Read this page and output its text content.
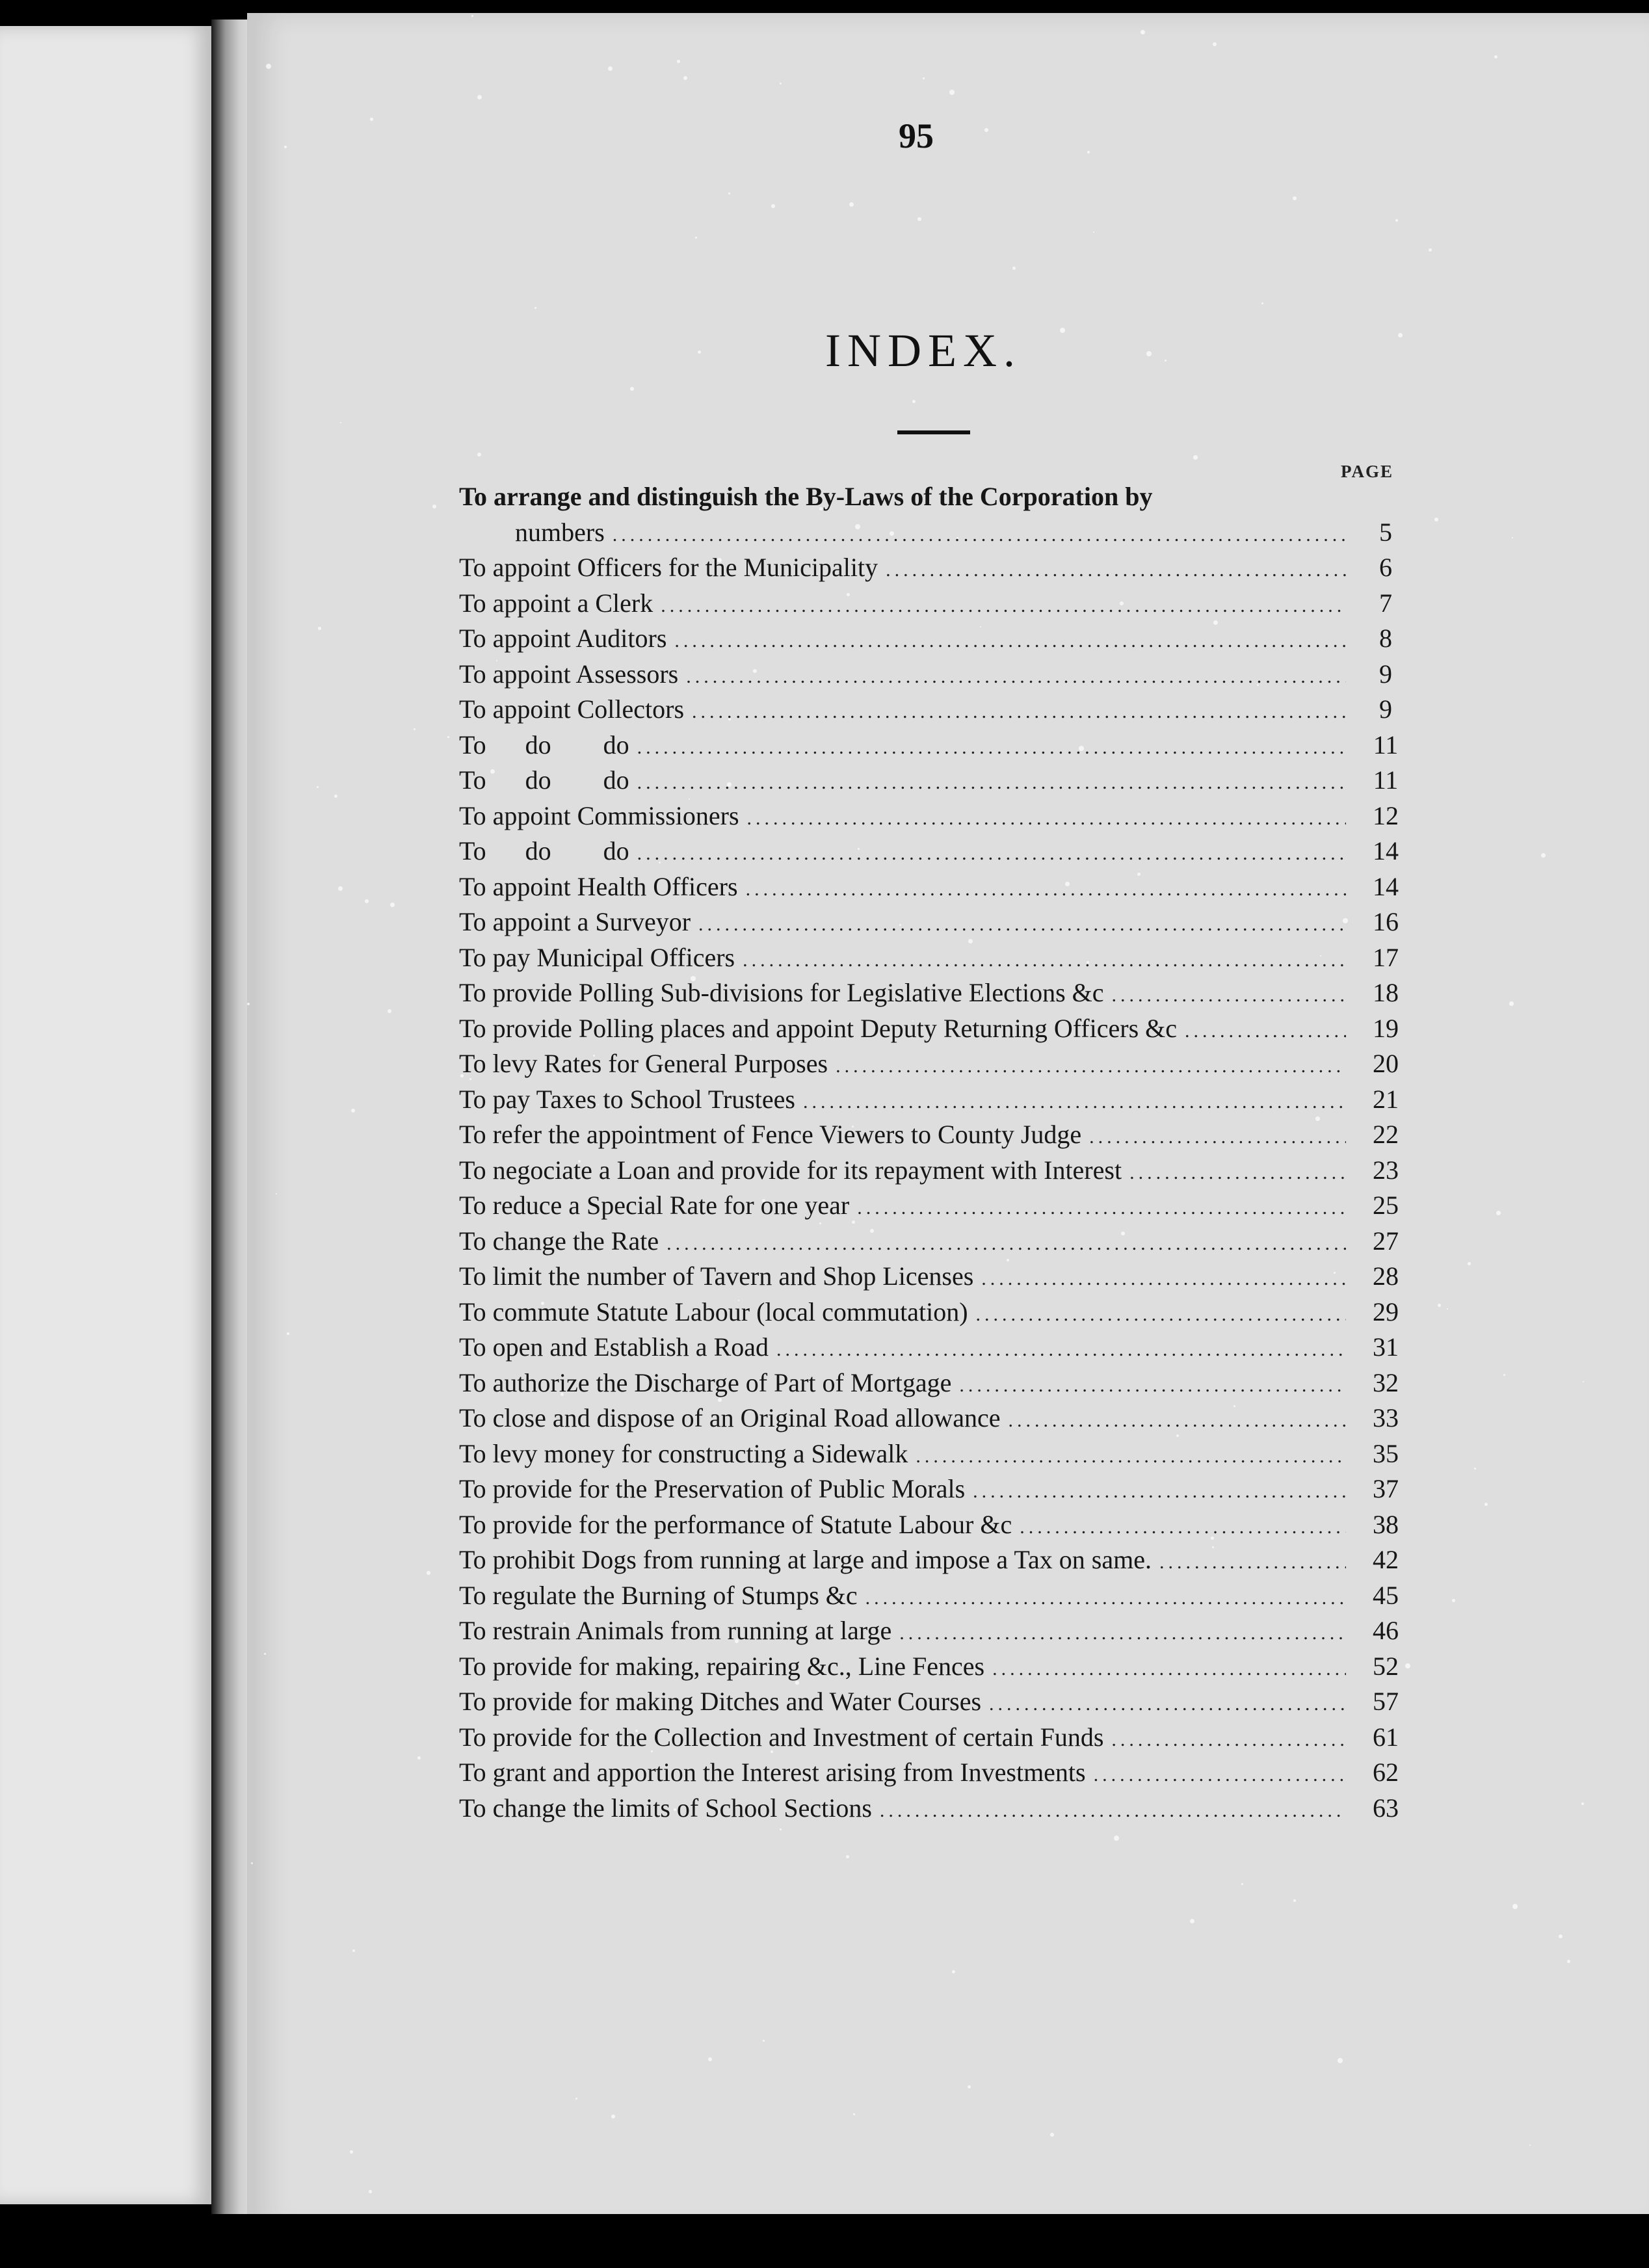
95
INDEX.
PAGE
To arrange and distinguish the By-Laws of the Corporation by
numbers .....	5
To appoint Officers for the Municipality .....	6
To appoint a Clerk .....	7
To appoint Auditors .....	8
To appoint Assessors .....	9
To appoint Collectors .....	9
To      do        do .....	11
To      do        do .....	11
To appoint Commissioners .....	12
To      do        do .....	14
To appoint Health Officers .....	14
To appoint a Surveyor .....	16
To pay Municipal Officers .....	17
To provide Polling Sub-divisions for Legislative Elections &c .....	18
To provide Polling places and appoint Deputy Returning Officers &c .....	19
To levy Rates for General Purposes .....	20
To pay Taxes to School Trustees .....	21
To refer the appointment of Fence Viewers to County Judge .....	22
To negociate a Loan and provide for its repayment with Interest .....	23
To reduce a Special Rate for one year .....	25
To change the Rate .....	27
To limit the number of Tavern and Shop Licenses .....	28
To commute Statute Labour (local commutation) .....	29
To open and Establish a Road .....	31
To authorize the Discharge of Part of Mortgage .....	32
To close and dispose of an Original Road allowance .....	33
To levy money for constructing a Sidewalk .....	35
To provide for the Preservation of Public Morals .....	37
To provide for the performance of Statute Labour &c .....	38
To prohibit Dogs from running at large and impose a Tax on same. .....	42
To regulate the Burning of Stumps &c .....	45
To restrain Animals from running at large .....	46
To provide for making, repairing &c., Line Fences .....	52
To provide for making Ditches and Water Courses .....	57
To provide for the Collection and Investment of certain Funds .....	61
To grant and apportion the Interest arising from Investments .....	62
To change the limits of School Sections .....	63
